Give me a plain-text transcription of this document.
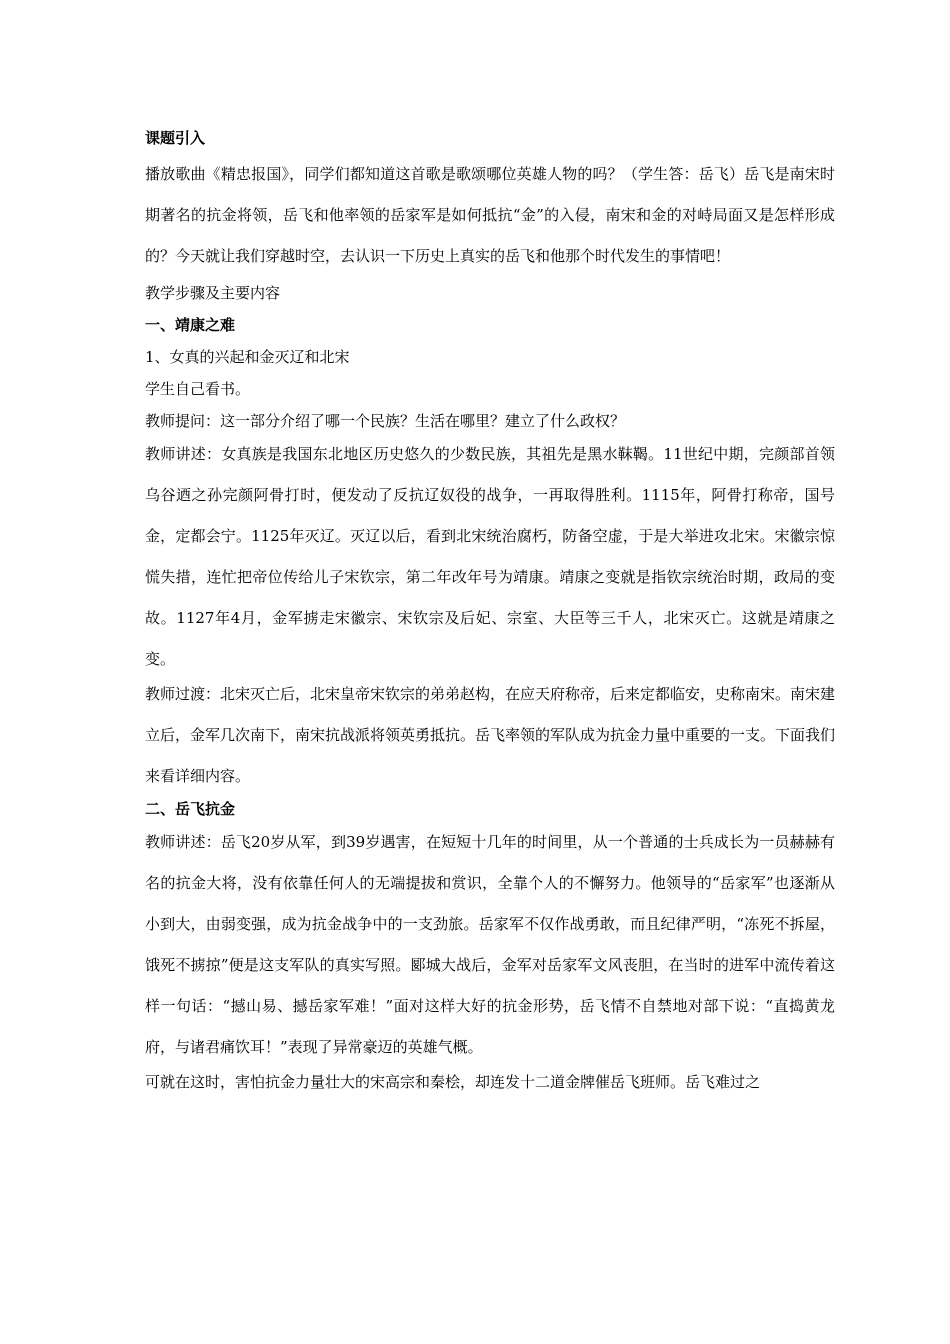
课题引入

播放歌曲《精忠报国》，同学们都知道这首歌是歌颂哪位英雄人物的吗？（学生答：岳飞）岳飞是南宋时期著名的抗金将领，岳飞和他率领的岳家军是如何抵抗“金”的入侵，南宋和金的对峙局面又是怎样形成的？今天就让我们穿越时空，去认识一下历史上真实的岳飞和他那个时代发生的事情吧！

教学步骤及主要内容

一、靖康之难

1、女真的兴起和金灭辽和北宋

学生自己看书。

教师提问：这一部分介绍了哪一个民族？生活在哪里？建立了什么政权？

教师讲述：女真族是我国东北地区历史悠久的少数民族，其祖先是黑水靺鞨。11世纪中期，完颜部首领乌谷迺之孙完颜阿骨打时，便发动了反抗辽奴役的战争，一再取得胜利。1115年，阿骨打称帝，国号金，定都会宁。1125年灭辽。灭辽以后，看到北宋统治腐朽，防备空虚，于是大举进攻北宋。宋徽宗惊慌失措，连忙把帝位传给儿子宋钦宗，第二年改年号为靖康。靖康之变就是指钦宗统治时期，政局的变故。1127年4月，金军掳走宋徽宗、宋钦宗及后妃、宗室、大臣等三千人，北宋灭亡。这就是靖康之变。

教师过渡：北宋灭亡后，北宋皇帝宋钦宗的弟弟赵构，在应天府称帝，后来定都临安，史称南宋。南宋建立后，金军几次南下，南宋抗战派将领英勇抵抗。岳飞率领的军队成为抗金力量中重要的一支。下面我们来看详细内容。

二、岳飞抗金

教师讲述：岳飞20岁从军，到39岁遇害，在短短十几年的时间里，从一个普通的士兵成长为一员赫赫有名的抗金大将，没有依靠任何人的无端提拔和赏识，全靠个人的不懈努力。他领导的“岳家军”也逐渐从小到大，由弱变强，成为抗金战争中的一支劲旅。岳家军不仅作战勇敢，而且纪律严明，“冻死不拆屋，饿死不掳掠”便是这支军队的真实写照。郾城大战后，金军对岳家军文风丧胆，在当时的进军中流传着这样一句话：“撼山易、撼岳家军难！”面对这样大好的抗金形势，岳飞情不自禁地对部下说：“直捣黄龙府，与诸君痛饮耳！”表现了异常豪迈的英雄气概。

可就在这时，害怕抗金力量壮大的宋高宗和秦桧，却连发十二道金牌催岳飞班师。岳飞难过之
